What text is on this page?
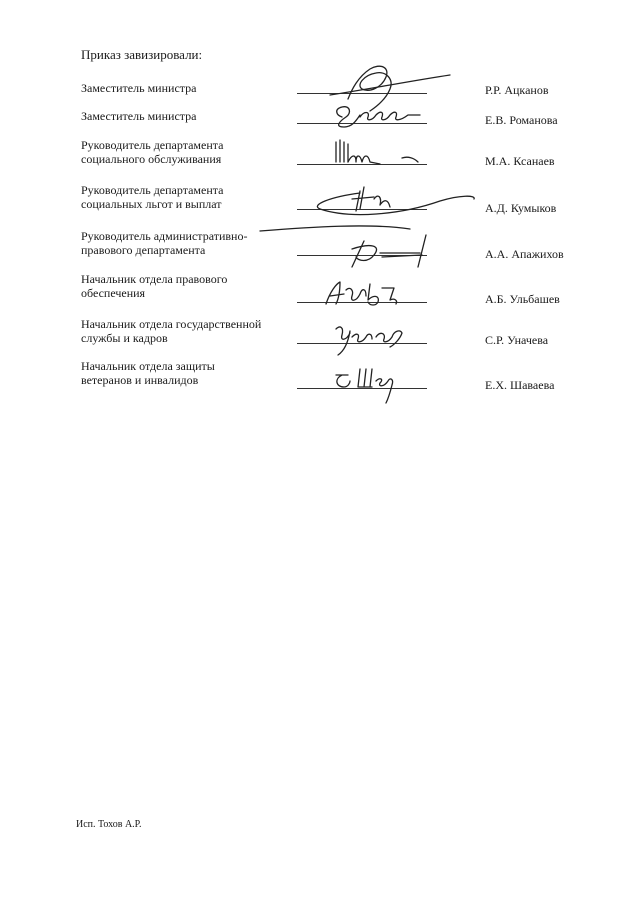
Приказ завизировали:
Заместитель министра	Р.Р. Ацканов
Заместитель министра	Е.В. Романова
Руководитель департамента
социального обслуживания	М.А. Ксанаев
Руководитель департамента
социальных льгот и выплат	А.Д. Кумыков
Руководитель административно-
правового департамента	А.А. Апажихов
Начальник отдела правового
обеспечения	А.Б. Ульбашев
Начальник отдела государственной
службы и кадров	С.Р. Уначева
Начальник отдела защиты
ветеранов и инвалидов	Е.Х. Шаваева
Исп. Тохов А.Р.
